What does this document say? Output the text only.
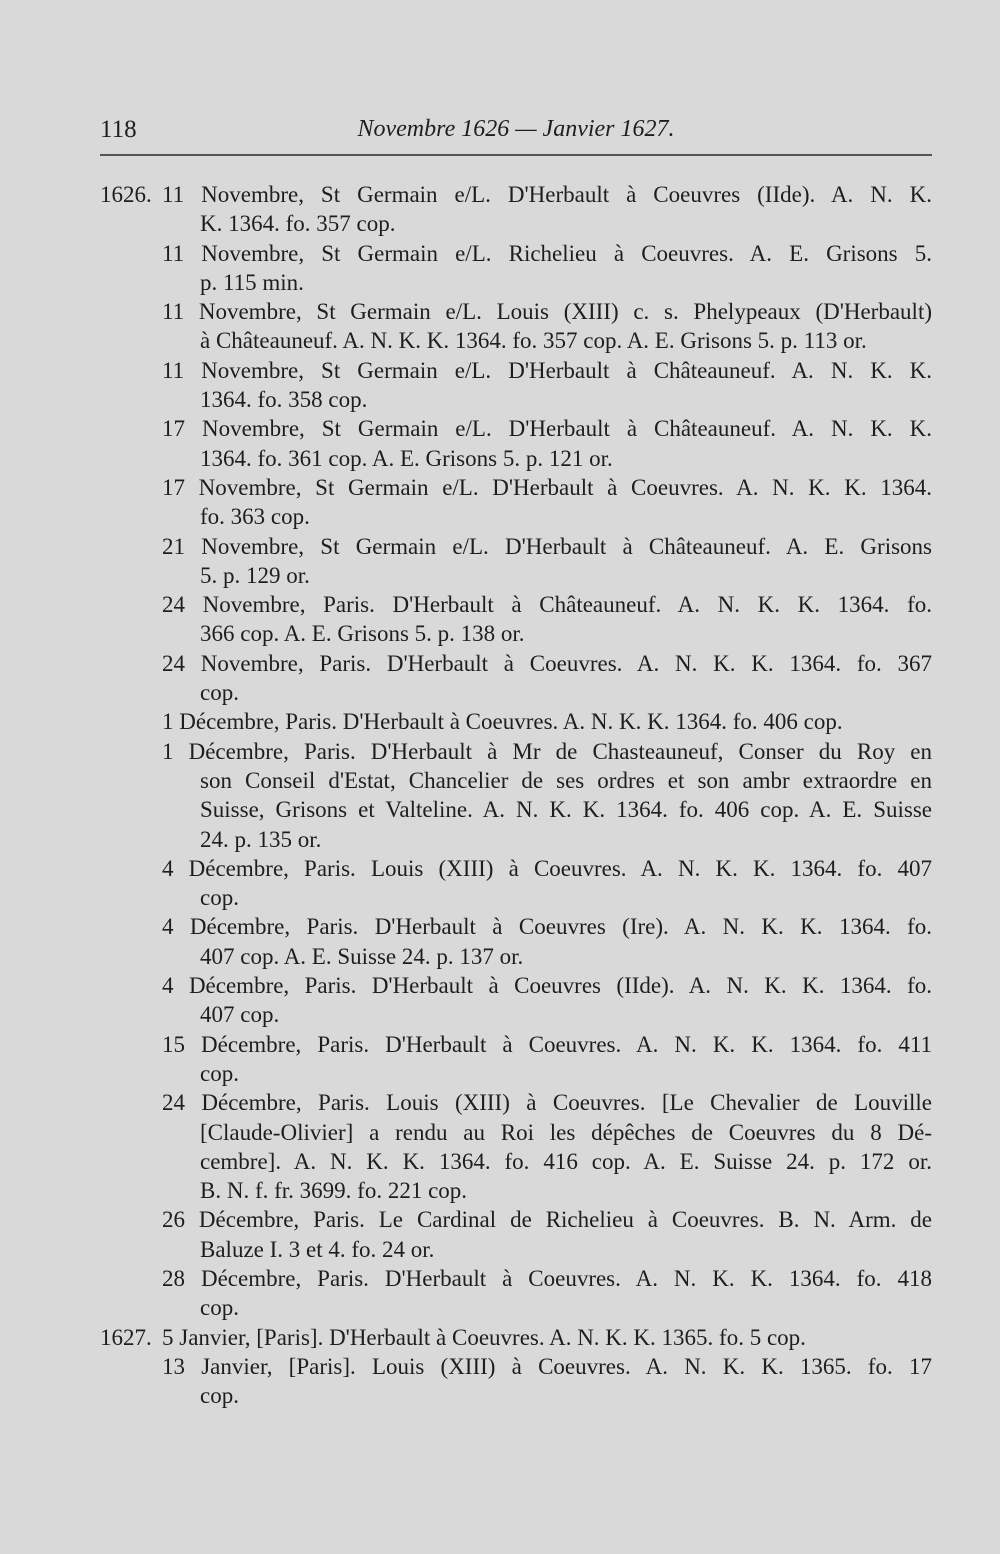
118	Novembre 1626 — Janvier 1627.
1626. 11 Novembre, St Germain e/L. D'Herbault à Coeuvres (IIde). A. N. K.
K. 1364. fo. 357 cop.
11 Novembre, St Germain e/L. Richelieu à Coeuvres. A. E. Grisons 5.
p. 115 min.
11 Novembre, St Germain e/L. Louis (XIII) c. s. Phelypeaux (D'Herbault)
à Châteauneuf. A. N. K. K. 1364. fo. 357 cop. A. E. Grisons 5. p. 113 or.
11 Novembre, St Germain e/L. D'Herbault à Châteauneuf. A. N. K. K.
1364. fo. 358 cop.
17 Novembre, St Germain e/L. D'Herbault à Châteauneuf. A. N. K. K.
1364. fo. 361 cop. A. E. Grisons 5. p. 121 or.
17 Novembre, St Germain e/L. D'Herbault à Coeuvres. A. N. K. K. 1364.
fo. 363 cop.
21 Novembre, St Germain e/L. D'Herbault à Châteauneuf. A. E. Grisons
5. p. 129 or.
24 Novembre, Paris. D'Herbault à Châteauneuf. A. N. K. K. 1364. fo.
366 cop. A. E. Grisons 5. p. 138 or.
24 Novembre, Paris. D'Herbault à Coeuvres. A. N. K. K. 1364. fo. 367
cop.
1 Décembre, Paris. D'Herbault à Coeuvres. A. N. K. K. 1364. fo. 406 cop.
1 Décembre, Paris. D'Herbault à Mr de Chasteauneuf, Conser du Roy en
son Conseil d'Estat, Chancelier de ses ordres et son ambr extraordre en
Suisse, Grisons et Valteline. A. N. K. K. 1364. fo. 406 cop. A. E. Suisse
24. p. 135 or.
4 Décembre, Paris. Louis (XIII) à Coeuvres. A. N. K. K. 1364. fo. 407
cop.
4 Décembre, Paris. D'Herbault à Coeuvres (Ire). A. N. K. K. 1364. fo.
407 cop. A. E. Suisse 24. p. 137 or.
4 Décembre, Paris. D'Herbault à Coeuvres (IIde). A. N. K. K. 1364. fo.
407 cop.
15 Décembre, Paris. D'Herbault à Coeuvres. A. N. K. K. 1364. fo. 411
cop.
24 Décembre, Paris. Louis (XIII) à Coeuvres. [Le Chevalier de Louville
[Claude-Olivier] a rendu au Roi les dépêches de Coeuvres du 8 Dé-
cembre]. A. N. K. K. 1364. fo. 416 cop. A. E. Suisse 24. p. 172 or.
B. N. f. fr. 3699. fo. 221 cop.
26 Décembre, Paris. Le Cardinal de Richelieu à Coeuvres. B. N. Arm. de
Baluze I. 3 et 4. fo. 24 or.
28 Décembre, Paris. D'Herbault à Coeuvres. A. N. K. K. 1364. fo. 418
cop.
1627. 5 Janvier, [Paris]. D'Herbault à Coeuvres. A. N. K. K. 1365. fo. 5 cop.
13 Janvier, [Paris]. Louis (XIII) à Coeuvres. A. N. K. K. 1365. fo. 17
cop.
